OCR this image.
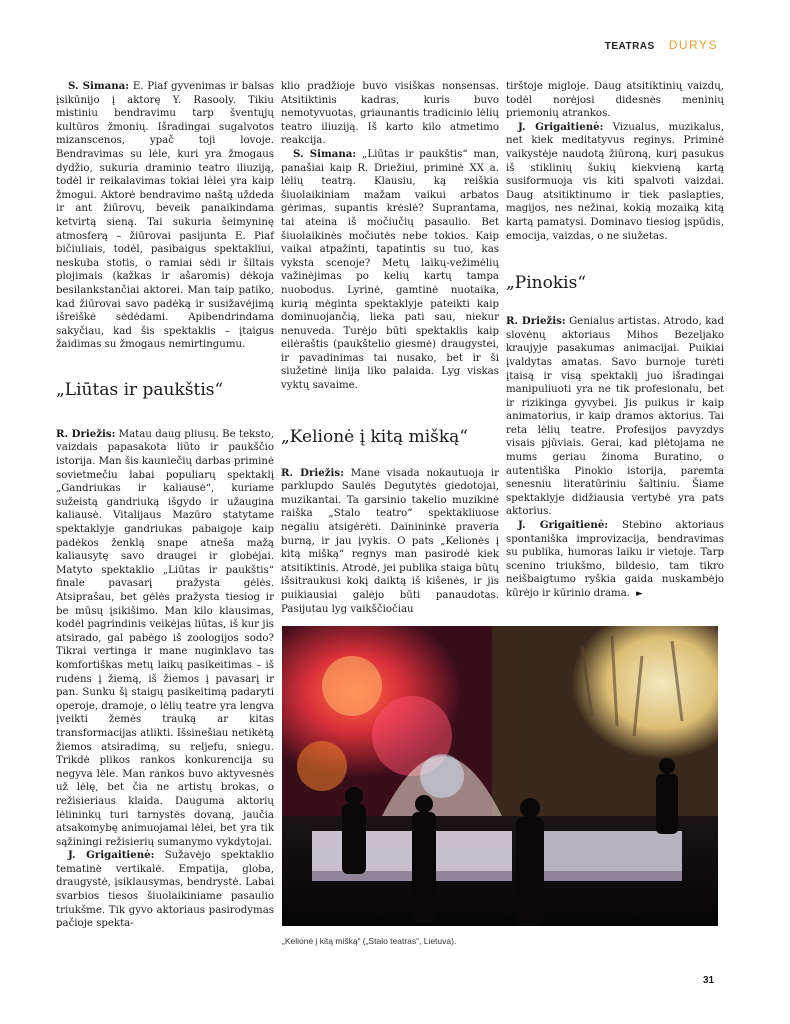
TEATRAS DURYS

S. Simana: E. Piaf gyvenimas ir balsas įsikūnijo į aktorę Y. Rasooly. Tikiu mistiniu bendravimu tarp šventųjų kultūros žmonių. Išradingai sugalvotos mizanscenos, ypač toji lovoje. Bendravimas su lėle, kuri yra žmogaus dydžio, sukuria draminio teatro iliuziją, todėl ir reikalavimas tokiai lėlei yra kaip žmogui. Aktorė bendravimo naštą uždeda ir ant žiūrovų, beveik panaikindama ketvirtą sieną. Tai sukuria šeimyninę atmosferą – žiūrovai pasijunta E. Piaf bičiuliais, todėl, pasibaigus spektakliui, neskuba stotis, o ramiai sėdi ir šiltais plojimais (kažkas ir ašaromis) dėkoja besilankstančiai aktorei. Man taip patiko, kad žiūrovai savo padėką ir susižavėjimą išreiškė sėdėdami. Apibendrindama sakyčiau, kad šis spektaklis – įtaigus žaidimas su žmogaus nemirtingumu.

„Liūtas ir paukštis“

R. Driežis: Matau daug pliusų. Be teksto, vaizdais papasakota liūto ir paukščio istorija. Man šis kauniečių darbas priminė sovietmečiu labai populiarų spektaklį „Gandriukas ir kaliausė“, kuriame sužeistą gandriuką išgydo ir užaugina kaliausė. Vitalijaus Mazūro statytame spektaklyje gandriukas pabaigoje kaip padėkos ženklą snape atneša mažą kaliausytę savo draugei ir globėjai. Matyto spektaklio „Liūtas ir paukštis“ finale pavasarį pražysta gėlės. Atsiprašau, bet gėlės pražysta tiesiog ir be mūsų įsikišimo. Man kilo klausimas, kodėl pagrindinis veikėjas liūtas, iš kur jis atsirado, gal pabėgo iš zoologijos sodo? Tikrai vertinga ir mane nuginklavo tas komfortiškas metų laikų pasikeitimas – iš rudens į žiemą, iš žiemos į pavasarį ir pan. Sunku šį staigų pasikeitimą padaryti operoje, dramoje, o lėlių teatre yra lengva įveikti žemės trauką ar kitas transformacijas atlikti. Išsinešiau netikėtą žiemos atsiradimą, su reljefu, sniegu. Trikdė plikos rankos konkurencija su negyva lėle. Man rankos buvo aktyvesnės už lėlę, bet čia ne artistų brokas, o režisieriaus klaida. Dauguma aktorių lėlininkų turi tarnystės dovaną, jaučia atsakomybę animuojamai lėlei, bet yra tik sąžiningi režisierių sumanymo vykdytojai.

J. Grigaitienė: Sužavėjo spektaklio tematinė vertikalė. Empatija, globa, draugystė, įsiklausymas, bendrystė. Labai svarbios tiesos šiuolaikiniame pasaulio triukšme. Tik gyvo aktoriaus pasirodymas pačioje spekta-

klio pradžioje buvo visiškas nonsensas. Atsitiktinis kadras, kuris buvo nemotyvuotas, griaunantis tradicinio lėlių teatro iliuziją. Iš karto kilo atmetimo reakcija.

S. Simana: „Liūtas ir paukštis“ man, panašiai kaip R. Driežiui, priminė XX a. lėlių teatrą. Klausiu, ką reiškia šiuolaikiniam mažam vaikui arbatos gėrimas, supantis krėslė? Suprantama, tai ateina iš močiučių pasaulio. Bet šiuolaikinės močiutės nebe tokios. Kaip vaikai atpažinti, tapatintis su tuo, kas vyksta scenoje? Metų laikų-vežimėlių važinėjimas po kelių kartų tampa nuobodus. Lyrinė, gamtinė nuotaika, kurią mėginta spektaklyje pateikti kaip dominuojančią, lieka pati sau, niekur nenuveda. Turėjo būti spektaklis kaip eilėraštis (paukštelio giesmė) draugystei, ir pavadinimas tai nusako, bet ir ši siužetinė linija liko palaida. Lyg viskas vyktų savaime.

„Kelionė į kitą mišką“

R. Driežis: Mane visada nokautuoja ir parklupdo Saulės Degutytės giedotojai, muzikantai. Ta garsinio takelio muzikinė raiška „Stalo teatro“ spektakliuose negaliu atsigėrėti. Dainininkė praveria burną, ir jau įvykis. O pats „Kelionės į kitą mišką“ regnys man pasirodė kiek atsitiktinis. Atrodė, jei publika staiga būtų išsitraukusi kokį daiktą iš kišenės, ir jis puikiausiai galėjo būti panaudotas. Pasijutau lyg vaikščiočiau

tirštoje miglojе. Daug atsitiktinių vaizdų, todėl norėjosi didesnės meninių priemonių atrankos.

J. Grigaitienė: Vizualus, muzikalus, net kiek meditatyvus reginys. Priminė vaikystėje naudotą žiūroną, kurį pasukus iš stiklinių šukių kiekvieną kartą susiformuoja vis kiti spalvoti vaizdai. Daug atsitiktinumo ir tiek paslapties, magijos, nes nežinai, kokią mozaiką kitą kartą pamatysi. Dominavo tiesiog įspūdis, emocija, vaizdas, o ne siužetas.

„Pinokis“

R. Driežis: Genialus artistas. Atrodo, kad slovėnų aktoriaus Mihos Bezeljako kraujyje pasakumas animacijai. Puikiai įvaldytas amatas. Savo burnoje turėti įtaisą ir visą spektaklį juo išradingai manipuliuoti yra ne tik profesionalu, bet ir rizikinga gyvybei. Jis puikus ir kaip animatorius, ir kaip dramos aktorius. Tai reta lėlių teatre. Profesijos pavyzdys visais pjūviais. Gerai, kad plėtojama ne mums geriau žinoma Buratino, o autentiška Pinokio istorija, paremta senesniu literatūriniu šaltiniu. Šiame spektaklyje didžiausia vertybė yra pats aktorius.

J. Grigaitienė: Stebino aktoriaus spontaniška improvizacija, bendravimas su publika, humoras laiku ir vietoje. Tarp scenino triukšmo, bildesio, tam tikro neišbaigtumo ryškia gaida nuskambėjo kūrėjo ir kūrinio drama. ►

„Kelionė į kitą mišką“ („Stalo teatras“, Lietuva).
31
